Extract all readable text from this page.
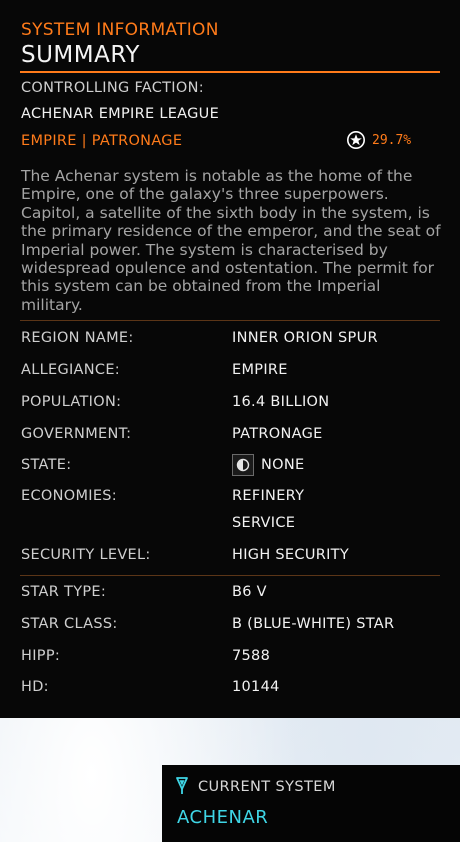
SYSTEM INFORMATION
SUMMARY
CONTROLLING FACTION:
ACHENAR EMPIRE LEAGUE
EMPIRE | PATRONAGE	29.7%
The Achenar system is notable as the home of the Empire, one of the galaxy's three superpowers. Capitol, a satellite of the sixth body in the system, is the primary residence of the emperor, and the seat of Imperial power. The system is characterised by widespread opulence and ostentation. The permit for this system can be obtained from the Imperial military.
REGION NAME:	INNER ORION SPUR
ALLEGIANCE:	EMPIRE
POPULATION:	16.4 BILLION
GOVERNMENT:	PATRONAGE
STATE:	NONE
ECONOMIES:	REFINERY
SERVICE
SECURITY LEVEL:	HIGH SECURITY
STAR TYPE:	B6 V
STAR CLASS:	B (BLUE-WHITE) STAR
HIPP:	7588
HD:	10144
CURRENT SYSTEM
ACHENAR
